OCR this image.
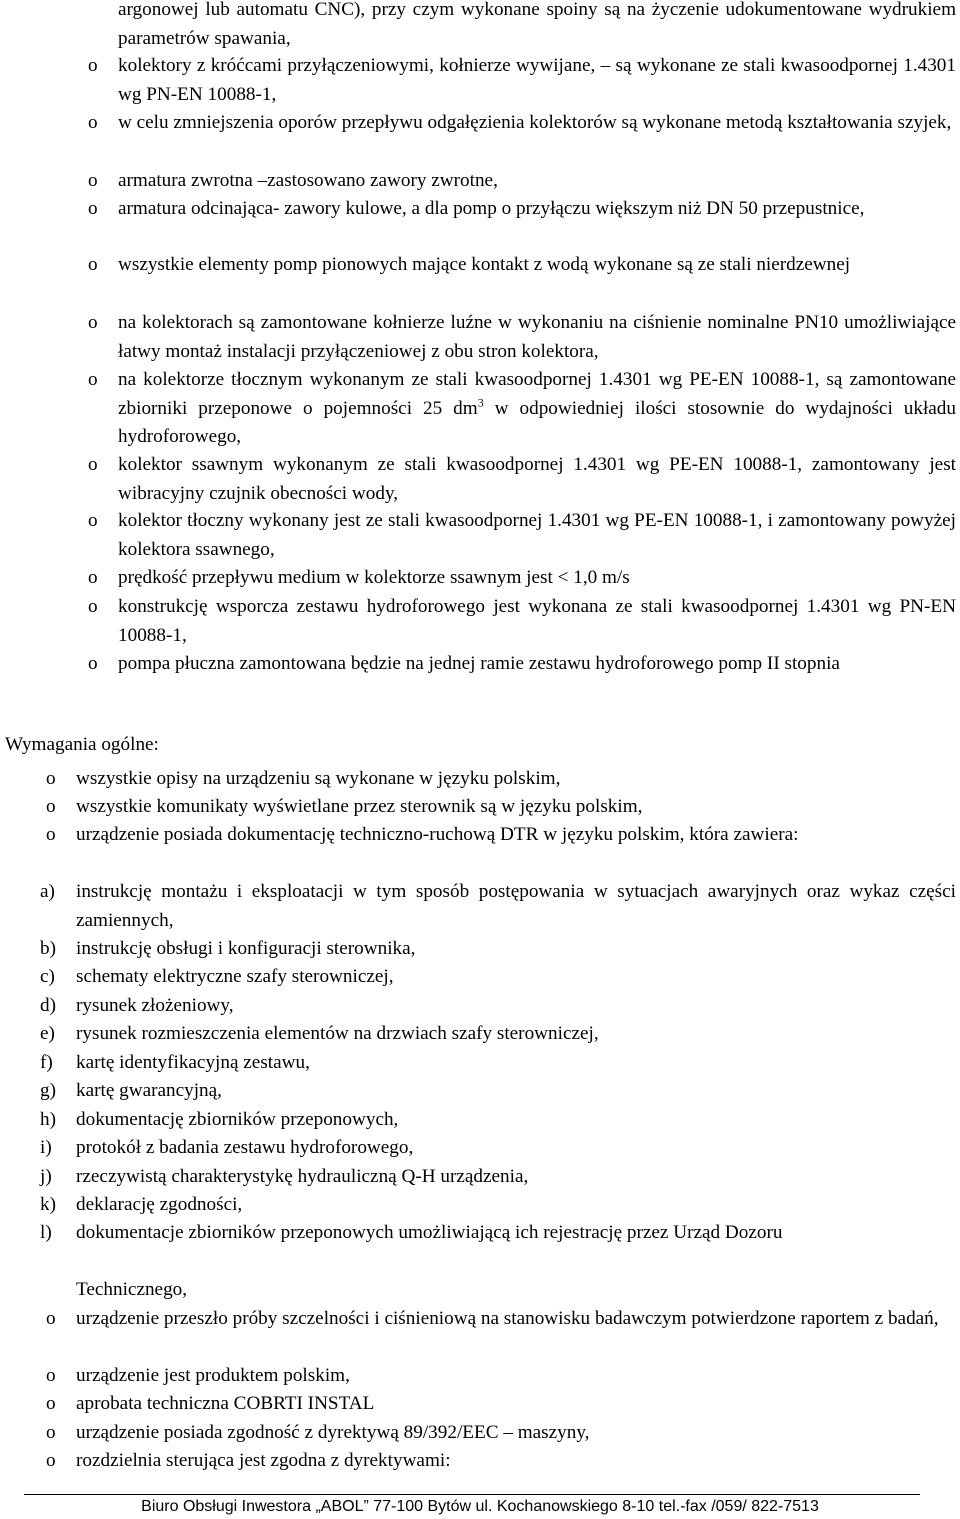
argonowej lub automatu CNC), przy czym wykonane spoiny są na życzenie udokumentowane wydrukiem parametrów spawania,

o kolektory z króćcami przyłączeniowymi, kołnierze wywijane, – są wykonane ze stali kwasoodpornej 1.4301 wg PN-EN 10088-1,

o w celu zmniejszenia oporów przepływu odgałęzienia kolektorów są wykonane metodą kształtowania szyjek,

o armatura zwrotna –zastosowano zawory zwrotne,

o armatura odcinająca- zawory kulowe, a dla pomp o przyłączu większym niż DN 50 przepustnice,

o wszystkie elementy pomp pionowych mające kontakt z wodą wykonane są ze stali nierdzewnej

o na kolektorach są zamontowane kołnierze luźne w wykonaniu na ciśnienie nominalne PN10 umożliwiające łatwy montaż instalacji przyłączeniowej z obu stron kolektora,

o na kolektorze tłocznym wykonanym ze stali kwasoodpornej 1.4301 wg PE-EN 10088-1, są zamontowane zbiorniki przeponowe o pojemności 25 $dm^3$ w odpowiedniej ilości stosownie do wydajności układu hydroforowego,

o kolektor ssawnym wykonanym ze stali kwasoodpornej 1.4301 wg PE-EN 10088-1, zamontowany jest wibracyjny czujnik obecności wody,

o kolektor tłoczny wykonany jest ze stali kwasoodpornej 1.4301 wg PE-EN 10088-1, i zamontowany powyżej kolektora ssawnego,

o prędkość przepływu medium w kolektorze ssawnym jest < 1,0 m/s

o konstrukcję wsporcza zestawu hydroforowego jest wykonana ze stali kwasoodpornej 1.4301 wg PN-EN 10088-1,

o pompa płuczna zamontowana będzie na jednej ramie zestawu hydroforowego pomp II stopnia

Wymagania ogólne:

o wszystkie opisy na urządzeniu są wykonane w języku polskim,

o wszystkie komunikaty wyświetlane przez sterownik są w języku polskim,

o urządzenie posiada dokumentację techniczno-ruchową DTR w języku polskim, która zawiera:

a) instrukcję montażu i eksploatacji w tym sposób postępowania w sytuacjach awaryjnych oraz wykaz części zamiennych,

b) instrukcję obsługi i konfiguracji sterownika,

c) schematy elektryczne szafy sterowniczej,

d) rysunek złożeniowy,

e) rysunek rozmieszczenia elementów na drzwiach szafy sterowniczej,

f) kartę identyfikacyjną zestawu,

g) kartę gwarancyjną,

h) dokumentację zbiorników przeponowych,

i) protokół z badania zestawu hydroforowego,

j) rzeczywistą charakterystykę hydrauliczną Q-H urządzenia,

k) deklarację zgodności,

l) dokumentacje zbiorników przeponowych umożliwiającą ich rejestrację przez Urząd Dozoru

Technicznego,

o urządzenie przeszło próby szczelności i ciśnieniową na stanowisku badawczym potwierdzone raportem z badań,

o urządzenie jest produktem polskim,

o aprobata techniczna COBRTI INSTAL

o urządzenie posiada zgodność z dyrektywą 89/392/EEC – maszyny,

o rozdzielnia sterująca jest zgodna z dyrektywami:

Biuro Obsługi Inwestora „ABOL” 77-100 Bytów ul. Kochanowskiego 8-10 tel.-fax /059/ 822-7513
